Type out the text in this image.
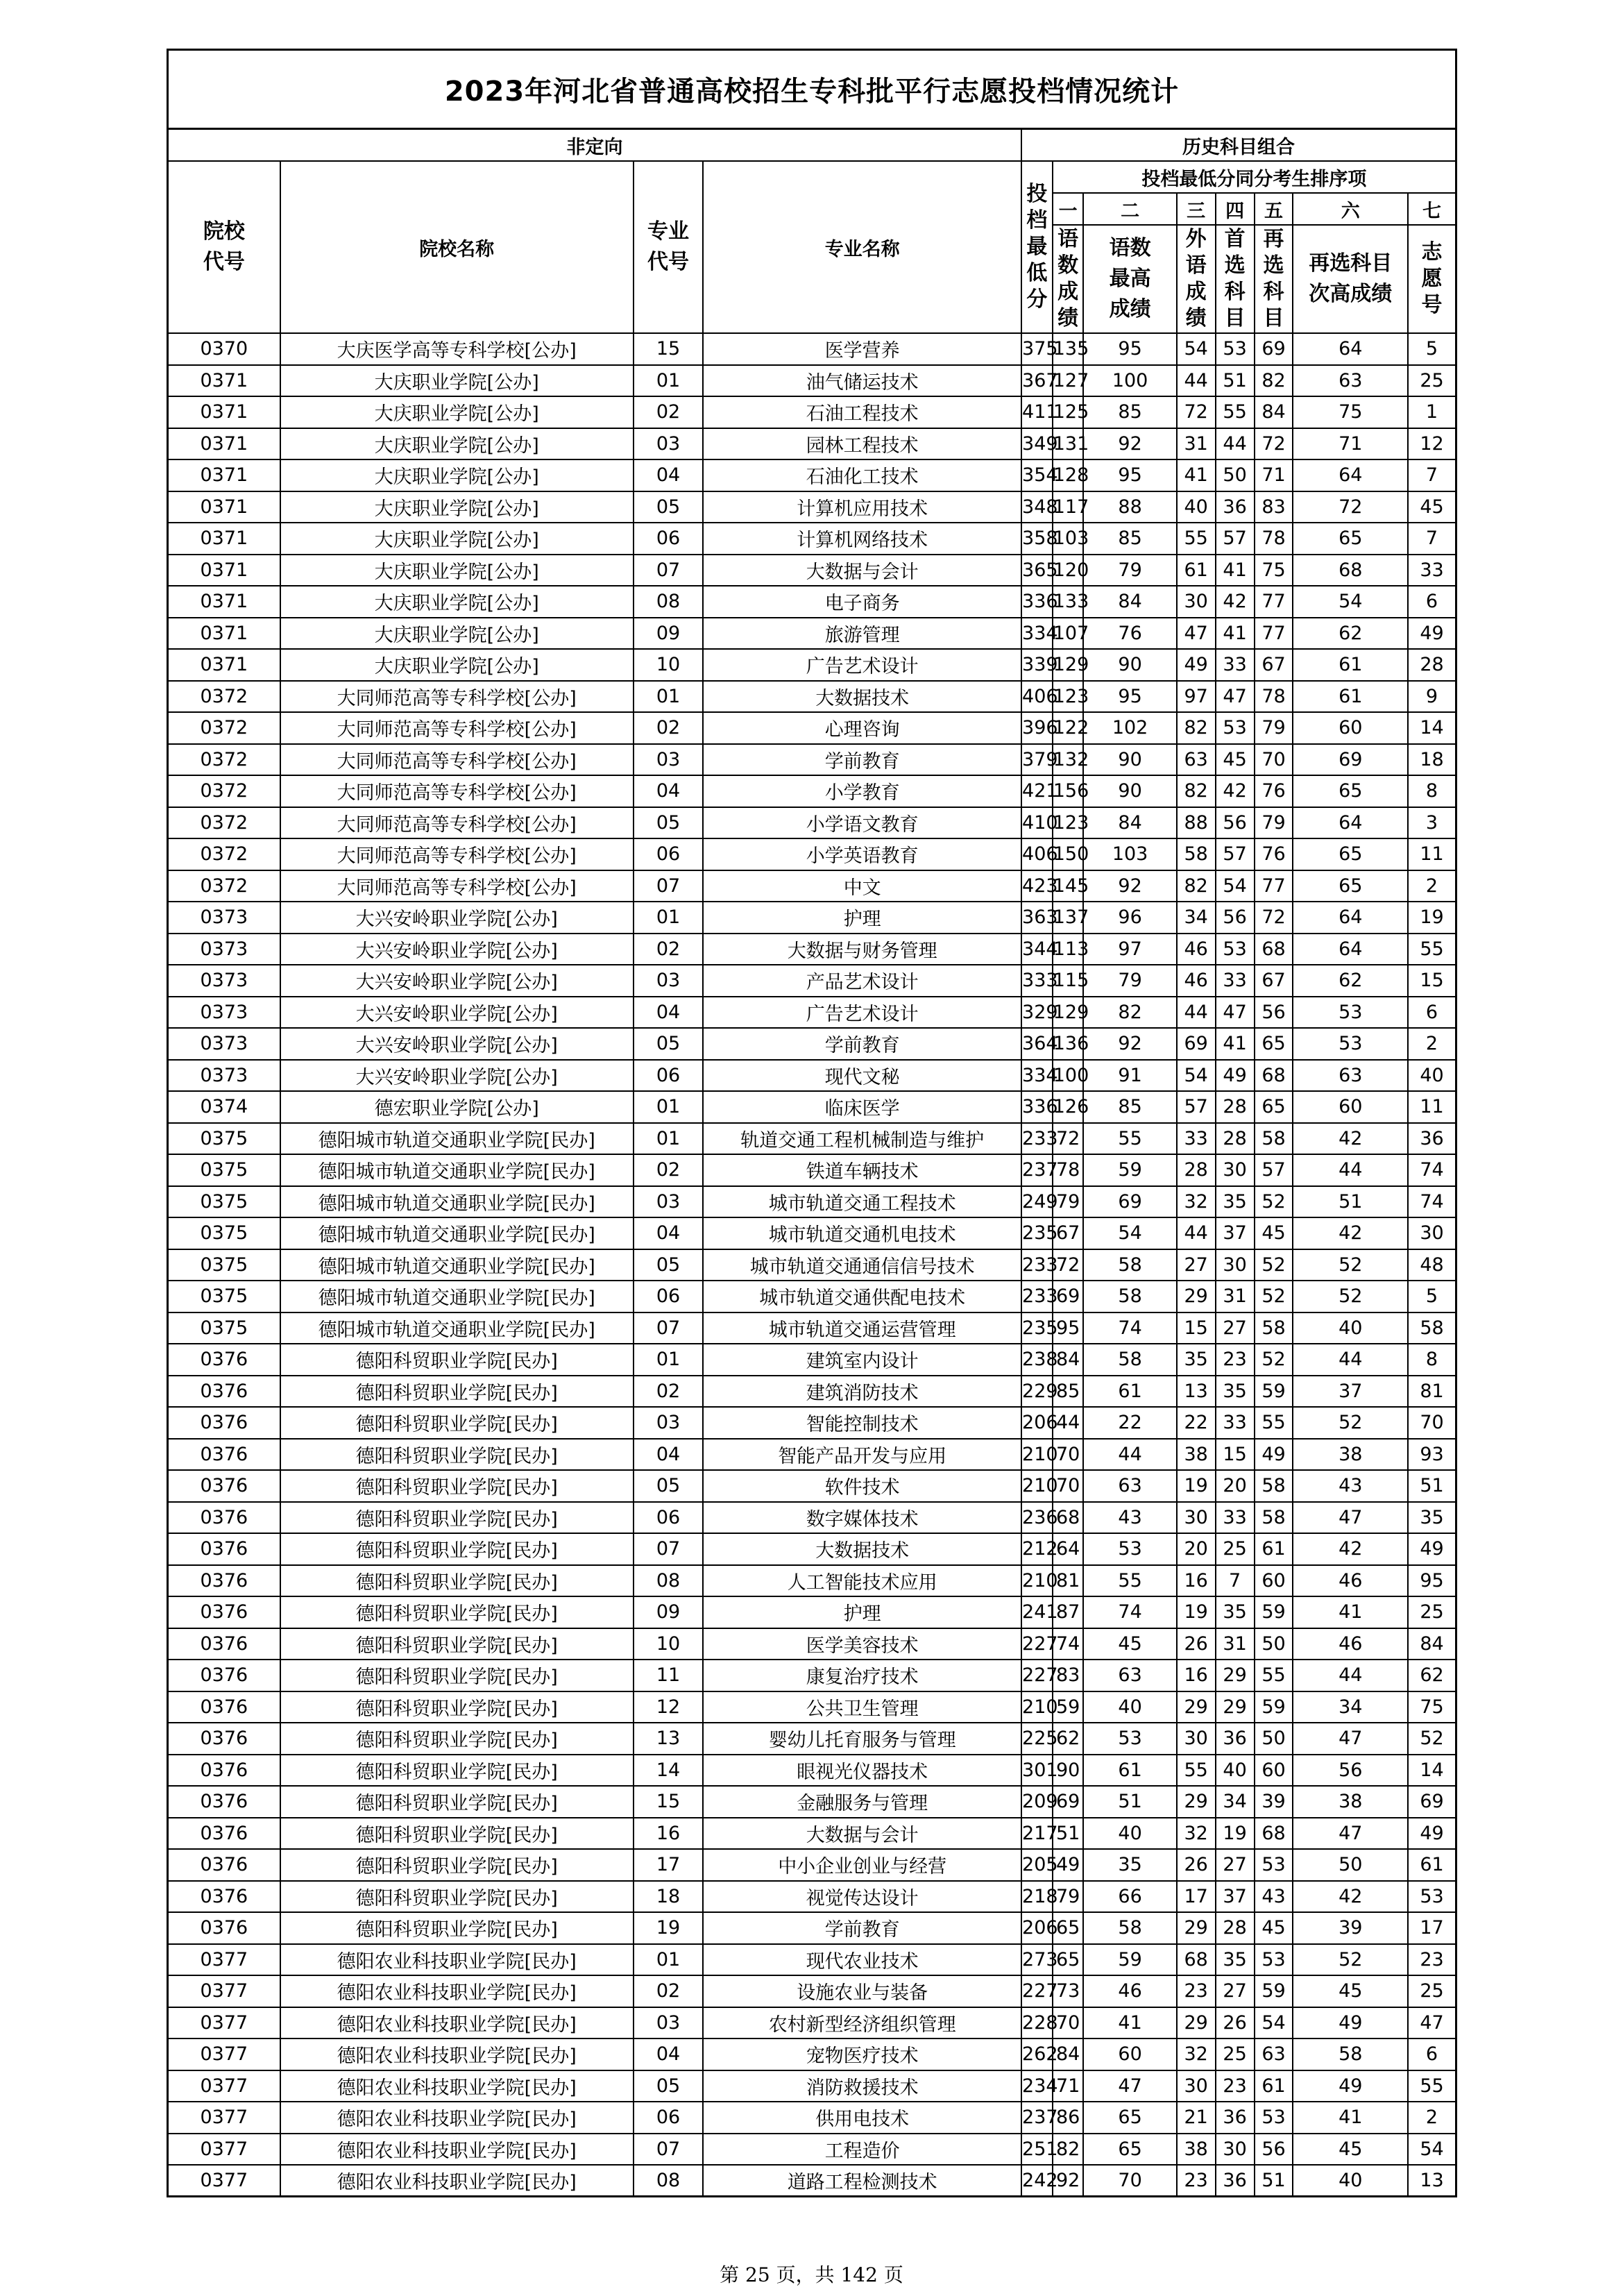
2023年河北省普通高校招生专科批平行志愿投档情况统计
非定向				历史科目组合							
院校代号	院校名称	专业代号	专业名称	投档最低分	投档最低分同分考生排序项						
					一	二	三	四	五	六	七
					语数成绩	语数最高成绩	外语成绩	首选科目	再选科目	再选科目次高成绩	志愿号

0370	大庆医学高等专科学校[公办]	15	医学营养	375	135	95	54	53	69	64	5
0371	大庆职业学院[公办]	01	油气储运技术	367	127	100	44	51	82	63	25
0371	大庆职业学院[公办]	02	石油工程技术	411	125	85	72	55	84	75	1
0371	大庆职业学院[公办]	03	园林工程技术	349	131	92	31	44	72	71	12
0371	大庆职业学院[公办]	04	石油化工技术	354	128	95	41	50	71	64	7
0371	大庆职业学院[公办]	05	计算机应用技术	348	117	88	40	36	83	72	45
0371	大庆职业学院[公办]	06	计算机网络技术	358	103	85	55	57	78	65	7
0371	大庆职业学院[公办]	07	大数据与会计	365	120	79	61	41	75	68	33
0371	大庆职业学院[公办]	08	电子商务	336	133	84	30	42	77	54	6
0371	大庆职业学院[公办]	09	旅游管理	334	107	76	47	41	77	62	49
0371	大庆职业学院[公办]	10	广告艺术设计	339	129	90	49	33	67	61	28
0372	大同师范高等专科学校[公办]	01	大数据技术	406	123	95	97	47	78	61	9
0372	大同师范高等专科学校[公办]	02	心理咨询	396	122	102	82	53	79	60	14
0372	大同师范高等专科学校[公办]	03	学前教育	379	132	90	63	45	70	69	18
0372	大同师范高等专科学校[公办]	04	小学教育	421	156	90	82	42	76	65	8
0372	大同师范高等专科学校[公办]	05	小学语文教育	410	123	84	88	56	79	64	3
0372	大同师范高等专科学校[公办]	06	小学英语教育	406	150	103	58	57	76	65	11
0372	大同师范高等专科学校[公办]	07	中文	423	145	92	82	54	77	65	2
0373	大兴安岭职业学院[公办]	01	护理	363	137	96	34	56	72	64	19
0373	大兴安岭职业学院[公办]	02	大数据与财务管理	344	113	97	46	53	68	64	55
0373	大兴安岭职业学院[公办]	03	产品艺术设计	333	115	79	46	33	67	62	15
0373	大兴安岭职业学院[公办]	04	广告艺术设计	329	129	82	44	47	56	53	6
0373	大兴安岭职业学院[公办]	05	学前教育	364	136	92	69	41	65	53	2
0373	大兴安岭职业学院[公办]	06	现代文秘	334	100	91	54	49	68	63	40
0374	德宏职业学院[公办]	01	临床医学	336	126	85	57	28	65	60	11
0375	德阳城市轨道交通职业学院[民办]	01	轨道交通工程机械制造与维护	233	72	55	33	28	58	42	36
0375	德阳城市轨道交通职业学院[民办]	02	铁道车辆技术	237	78	59	28	30	57	44	74
0375	德阳城市轨道交通职业学院[民办]	03	城市轨道交通工程技术	249	79	69	32	35	52	51	74
0375	德阳城市轨道交通职业学院[民办]	04	城市轨道交通机电技术	235	67	54	44	37	45	42	30
0375	德阳城市轨道交通职业学院[民办]	05	城市轨道交通通信信号技术	233	72	58	27	30	52	52	48
0375	德阳城市轨道交通职业学院[民办]	06	城市轨道交通供配电技术	233	69	58	29	31	52	52	5
0375	德阳城市轨道交通职业学院[民办]	07	城市轨道交通运营管理	235	95	74	15	27	58	40	58
0376	德阳科贸职业学院[民办]	01	建筑室内设计	238	84	58	35	23	52	44	8
0376	德阳科贸职业学院[民办]	02	建筑消防技术	229	85	61	13	35	59	37	81
0376	德阳科贸职业学院[民办]	03	智能控制技术	206	44	22	22	33	55	52	70
0376	德阳科贸职业学院[民办]	04	智能产品开发与应用	210	70	44	38	15	49	38	93
0376	德阳科贸职业学院[民办]	05	软件技术	210	70	63	19	20	58	43	51
0376	德阳科贸职业学院[民办]	06	数字媒体技术	236	68	43	30	33	58	47	35
0376	德阳科贸职业学院[民办]	07	大数据技术	212	64	53	20	25	61	42	49
0376	德阳科贸职业学院[民办]	08	人工智能技术应用	210	81	55	16	7	60	46	95
0376	德阳科贸职业学院[民办]	09	护理	241	87	74	19	35	59	41	25
0376	德阳科贸职业学院[民办]	10	医学美容技术	227	74	45	26	31	50	46	84
0376	德阳科贸职业学院[民办]	11	康复治疗技术	227	83	63	16	29	55	44	62
0376	德阳科贸职业学院[民办]	12	公共卫生管理	210	59	40	29	29	59	34	75
0376	德阳科贸职业学院[民办]	13	婴幼儿托育服务与管理	225	62	53	30	36	50	47	52
0376	德阳科贸职业学院[民办]	14	眼视光仪器技术	301	90	61	55	40	60	56	14
0376	德阳科贸职业学院[民办]	15	金融服务与管理	209	69	51	29	34	39	38	69
0376	德阳科贸职业学院[民办]	16	大数据与会计	217	51	40	32	19	68	47	49
0376	德阳科贸职业学院[民办]	17	中小企业创业与经营	205	49	35	26	27	53	50	61
0376	德阳科贸职业学院[民办]	18	视觉传达设计	218	79	66	17	37	43	42	53
0376	德阳科贸职业学院[民办]	19	学前教育	206	65	58	29	28	45	39	17
0377	德阳农业科技职业学院[民办]	01	现代农业技术	273	65	59	68	35	53	52	23
0377	德阳农业科技职业学院[民办]	02	设施农业与装备	227	73	46	23	27	59	45	25
0377	德阳农业科技职业学院[民办]	03	农村新型经济组织管理	228	70	41	29	26	54	49	47
0377	德阳农业科技职业学院[民办]	04	宠物医疗技术	262	84	60	32	25	63	58	6
0377	德阳农业科技职业学院[民办]	05	消防救援技术	234	71	47	30	23	61	49	55
0377	德阳农业科技职业学院[民办]	06	供用电技术	237	86	65	21	36	53	41	2
0377	德阳农业科技职业学院[民办]	07	工程造价	251	82	65	38	30	56	45	54
0377	德阳农业科技职业学院[民办]	08	道路工程检测技术	242	92	70	23	36	51	40	13
第 25 页，共 142 页
